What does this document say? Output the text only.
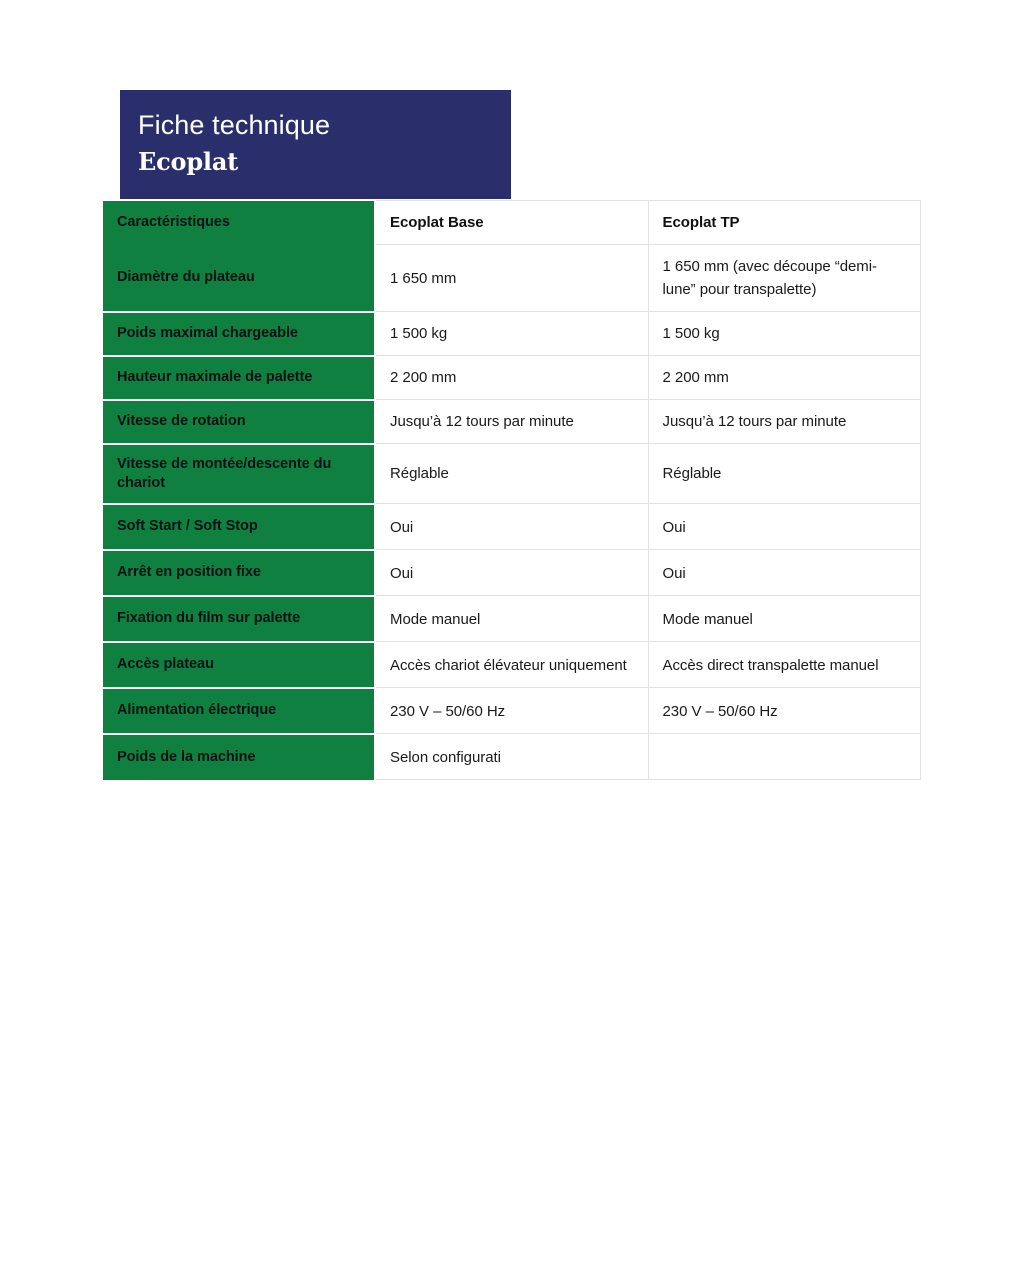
Fiche technique
Ecoplat
Caractéristiques	Ecoplat Base	Ecoplat TP
Diamètre du plateau	1 650 mm	1 650 mm (avec découpe “demi-lune” pour transpalette)
Poids maximal chargeable	1 500 kg	1 500 kg
Hauteur maximale de palette	2 200 mm	2 200 mm
Vitesse de rotation	Jusqu’à 12 tours par minute	Jusqu’à 12 tours par minute
Vitesse de montée/descente du chariot	Réglable	Réglable
Soft Start / Soft Stop	Oui	Oui
Arrêt en position fixe	Oui	Oui
Fixation du film sur palette	Mode manuel	Mode manuel
Accès plateau	Accès chariot élévateur uniquement	Accès direct transpalette manuel
Alimentation électrique	230 V – 50/60 Hz	230 V – 50/60 Hz
Poids de la machine	Selon configurati	
